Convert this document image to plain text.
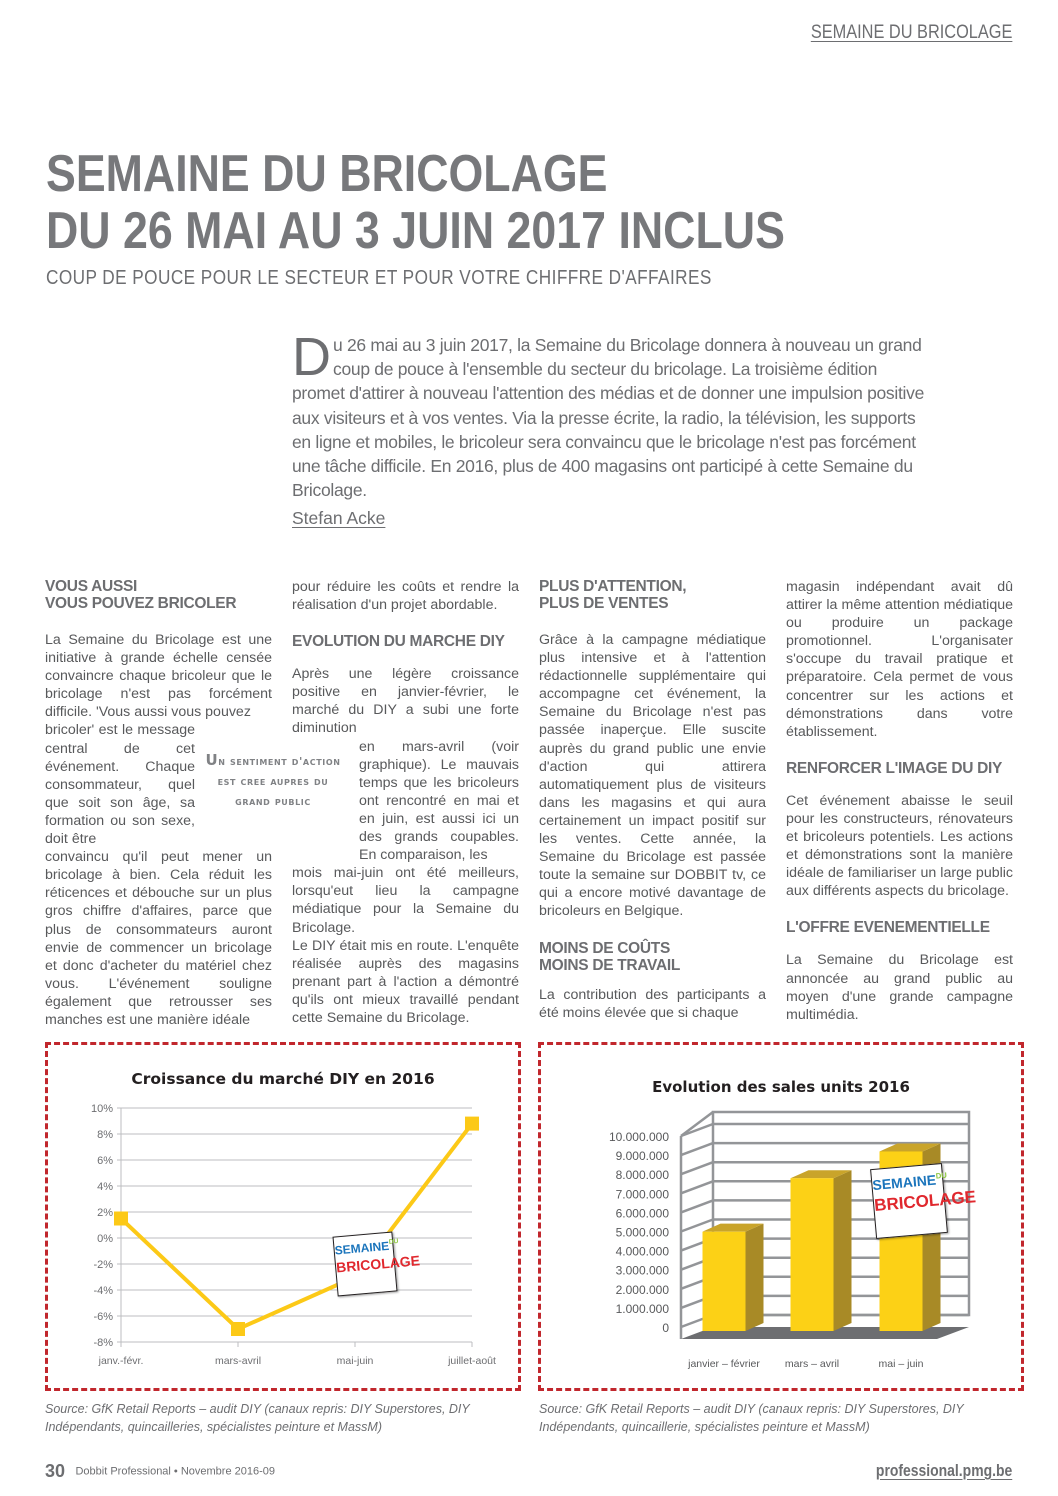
SEMAINE DU BRICOLAGE
SEMAINE DU BRICOLAGE
DU 26 MAI AU 3 JUIN 2017 INCLUS
COUP DE POUCE POUR LE SECTEUR ET POUR VOTRE CHIFFRE D'AFFAIRES
Du 26 mai au 3 juin 2017, la Semaine du Bricolage donnera à nouveau un grand coup de pouce à l'ensemble du secteur du bricolage. La troisième édition promet d'attirer à nouveau l'attention des médias et de donner une impulsion positive aux visiteurs et à vos ventes. Via la presse écrite, la radio, la télévision, les supports en ligne et mobiles, le bricoleur sera convaincu que le bricolage n'est pas forcément une tâche difficile. En 2016, plus de 400 magasins ont participé à cette Semaine du Bricolage.
Stefan Acke
VOUS AUSSI
VOUS POUVEZ BRICOLER

La Semaine du Bricolage est une initiative à grande échelle censée convaincre chaque bricoleur que le bricolage n'est pas forcément difficile. 'Vous aussi vous pouvez

bricoler' est le message central de cet événement. Chaque consommateur, quel que soit son âge, sa formation ou son sexe, doit être

convaincu qu'il peut mener un bricolage à bien. Cela réduit les réticences et débouche sur un plus gros chiffre d'affaires, parce que plus de consommateurs auront envie de commencer un bricolage et donc d'acheter du matériel chez vous. L'événement souligne également que retrousser ses manches est une manière idéale

Un sentiment d'action est cree aupres du grand public

pour réduire les coûts et rendre la réalisation d'un projet abordable.

EVOLUTION DU MARCHE DIY

Après une légère croissance positive en janvier-février, le marché du DIY a subi une forte diminution

en mars-avril (voir graphique). Le mauvais temps que les bricoleurs ont rencontré en mai et en juin, est aussi ici un des grands coupables. En comparaison, les

mois mai-juin ont été meilleurs, lorsqu'eut lieu la campagne médiatique pour la Semaine du Bricolage.

Le DIY était mis en route. L'enquête réalisée auprès des magasins prenant part à l'action a démontré qu'ils ont mieux travaillé pendant cette Semaine du Bricolage.

PLUS D'ATTENTION,
PLUS DE VENTES

Grâce à la campagne médiatique plus intensive et à l'attention rédactionnelle supplémentaire qui accompagne cet événement, la Semaine du Bricolage n'est pas passée inaperçue. Elle suscite auprès du grand public une envie d'action qui attirera automatiquement plus de visiteurs dans les magasins et qui aura certainement un impact positif sur les ventes. Cette année, la Semaine du Bricolage est passée toute la semaine sur DOBBIT tv, ce qui a encore motivé davantage de bricoleurs en Belgique.

MOINS DE COÛTS
MOINS DE TRAVAIL

La contribution des participants a été moins élevée que si chaque

magasin indépendant avait dû attirer la même attention médiatique ou produire un package promotionnel. L'organisater s'occupe du travail pratique et préparatoire. Cela permet de vous concentrer sur les actions et démonstrations dans votre établissement.

RENFORCER L'IMAGE DU DIY

Cet événement abaisse le seuil pour les constructeurs, rénovateurs et bricoleurs potentiels. Les actions et démonstrations sont la manière idéale de familiariser un large public aux différents aspects du bricolage.

L'OFFRE EVENEMENTIELLE

La Semaine du Bricolage est annoncée au grand public au moyen d'une grande campagne multimédia.

Croissance du marché DIY en 2016
10%
8%
6%
4%
2%
0%
-2%
-4%
-6%
-8%
janv.-févr.	mars-avril	mai-juin	juillet-août
$SEMAINE^{DU}$
BRICOLAGE
Evolution des sales units 2016
10.000.000
9.000.000
8.000.000
7.000.000
6.000.000
5.000.000
4.000.000
3.000.000
2.000.000
1.000.000
0
janvier – février mars – avril	mai – juin
$SEMAINE^{DU}$
BRICOLAGE
Source: GfK Retail Reports – audit DIY (canaux repris: DIY Superstores, DIY Indépendants, quincailleries, spécialistes peinture et MassM)
Source: GfK Retail Reports – audit DIY (canaux repris: DIY Superstores, DIY Indépendants, quincaillerie, spécialistes peinture et MassM)
30 Dobbit Professional • Novembre 2016-09	professional.pmg.be
